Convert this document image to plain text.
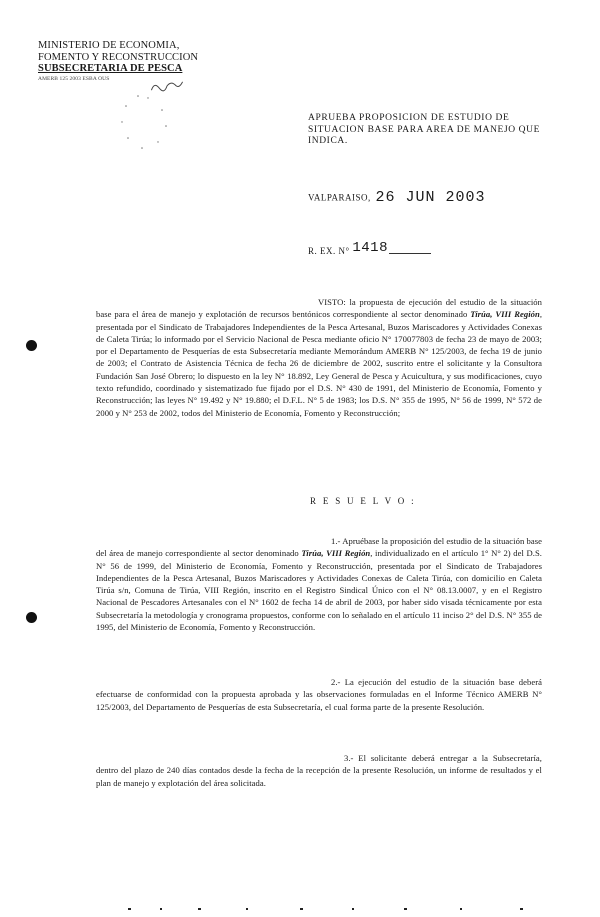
MINISTERIO DE ECONOMIA,
FOMENTO Y RECONSTRUCCION
SUBSECRETARIA DE PESCA
AMERB 125 2003 ESBA OUS
APRUEBA PROPOSICION DE ESTUDIO DE SITUACION BASE PARA AREA DE MANEJO QUE INDICA.
VALPARAISO, 26 JUN 2003
R. EX. N° 1418
VISTO: la propuesta de ejecución del estudio de la situación base para el área de manejo y explotación de recursos bentónicos correspondiente al sector denominado Tirúa, VIII Región, presentada por el Sindicato de Trabajadores Independientes de la Pesca Artesanal, Buzos Mariscadores y Actividades Conexas de Caleta Tirúa; lo informado por el Servicio Nacional de Pesca mediante oficio N° 170077803 de fecha 23 de mayo de 2003; por el Departamento de Pesquerías de esta Subsecretaría mediante Memorándum AMERB N° 125/2003, de fecha 19 de junio de 2003; el Contrato de Asistencia Técnica de fecha 26 de diciembre de 2002, suscrito entre el solicitante y la Consultora Fundación San José Obrero; lo dispuesto en la ley N° 18.892, Ley General de Pesca y Acuicultura, y sus modificaciones, cuyo texto refundido, coordinado y sistematizado fue fijado por el D.S. N° 430 de 1991, del Ministerio de Economía, Fomento y Reconstrucción; las leyes N° 19.492 y N° 19.880; el D.F.L. N° 5 de 1983; los D.S. N° 355 de 1995, N° 56 de 1999, N° 572 de 2000 y N° 253 de 2002, todos del Ministerio de Economía, Fomento y Reconstrucción;
R E S U E L V O :
1.- Apruébase la proposición del estudio de la situación base del área de manejo correspondiente al sector denominado Tirúa, VIII Región, individualizado en el artículo 1° N° 2) del D.S. N° 56 de 1999, del Ministerio de Economía, Fomento y Reconstrucción, presentada por el Sindicato de Trabajadores Independientes de la Pesca Artesanal, Buzos Mariscadores y Actividades Conexas de Caleta Tirúa, con domicilio en Caleta Tirúa s/n, Comuna de Tirúa, VIII Región, inscrito en el Registro Sindical Único con el N° 08.13.0007, y en el Registro Nacional de Pescadores Artesanales con el N° 1602 de fecha 14 de abril de 2003, por haber sido visada técnicamente por esta Subsecretaría la metodología y cronograma propuestos, conforme con lo señalado en el artículo 11 inciso 2° del D.S. N° 355 de 1995, del Ministerio de Economía, Fomento y Reconstrucción.
2.- La ejecución del estudio de la situación base deberá efectuarse de conformidad con la propuesta aprobada y las observaciones formuladas en el Informe Técnico AMERB N° 125/2003, del Departamento de Pesquerías de esta Subsecretaría, el cual forma parte de la presente Resolución.
3.- El solicitante deberá entregar a la Subsecretaría, dentro del plazo de 240 días contados desde la fecha de la recepción de la presente Resolución, un informe de resultados y el plan de manejo y explotación del área solicitada.
